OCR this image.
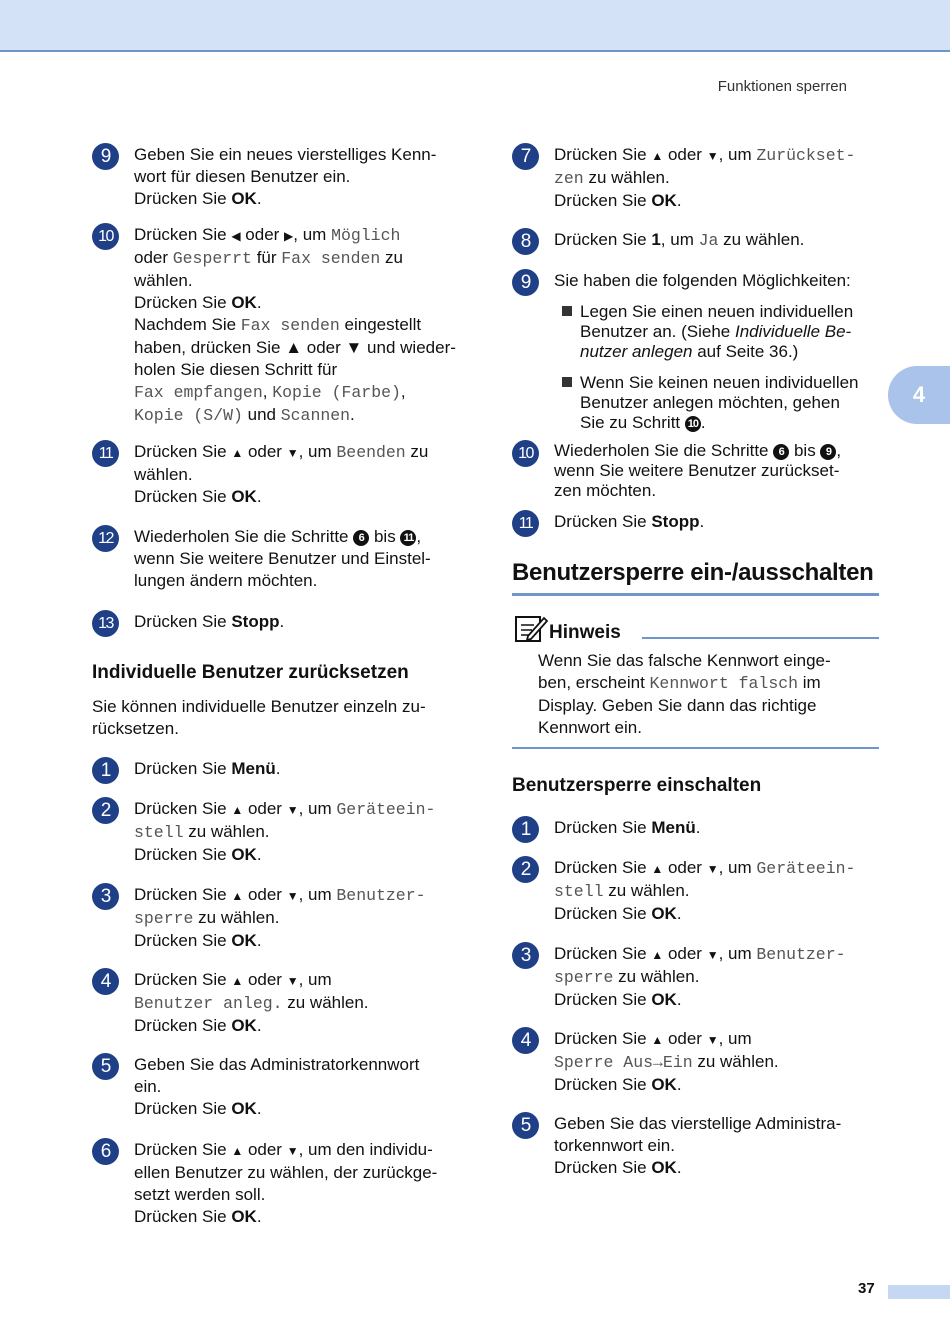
Funktionen sperren
4
9	Geben Sie ein neues vierstelliges Kenn-
wort für diesen Benutzer ein.
Drücken Sie OK.
10	Drücken Sie ◀ oder ▶, um Möglich
oder Gesperrt für Fax senden zu
wählen.
Drücken Sie OK.
Nachdem Sie Fax senden eingestellt
haben, drücken Sie ▲ oder ▼ und wieder-
holen Sie diesen Schritt für
Fax empfangen, Kopie (Farbe),
Kopie (S/W) und Scannen.
11	Drücken Sie ▲ oder ▼, um Beenden zu
wählen.
Drücken Sie OK.
12	Wiederholen Sie die Schritte 6 bis 11 ,
wenn Sie weitere Benutzer und Einstel-
lungen ändern möchten.
13	Drücken Sie Stopp.
Individuelle Benutzer zurücksetzen
Sie können individuelle Benutzer einzeln zu-
rücksetzen.
1	Drücken Sie Menü.
2	Drücken Sie ▲ oder ▼, um Geräteein-
stell zu wählen.
Drücken Sie OK.
3	Drücken Sie ▲ oder ▼, um Benutzer-
sperre zu wählen.
Drücken Sie OK.
4	Drücken Sie ▲ oder ▼, um
Benutzer anleg. zu wählen.
Drücken Sie OK.
5	Geben Sie das Administratorkennwort
ein.
Drücken Sie OK.
6	Drücken Sie ▲ oder ▼, um den individu-
ellen Benutzer zu wählen, der zurückge-
setzt werden soll.
Drücken Sie OK.
7	Drücken Sie ▲ oder ▼, um Zurückset-
zen zu wählen.
Drücken Sie OK.
8	Drücken Sie 1, um Ja zu wählen.
9	Sie haben die folgenden Möglichkeiten:
Legen Sie einen neuen individuellen
Benutzer an. (Siehe Individuelle Be-
nutzer anlegen auf Seite 36.)
Wenn Sie keinen neuen individuellen
Benutzer anlegen möchten, gehen
Sie zu Schritt 10 .
10	Wiederholen Sie die Schritte 6 bis 9 ,
wenn Sie weitere Benutzer zurückset-
zen möchten.
11	Drücken Sie Stopp.
Benutzersperre ein-/ausschalten
Hinweis
Wenn Sie das falsche Kennwort einge-
ben, erscheint Kennwort falsch im
Display. Geben Sie dann das richtige
Kennwort ein.
Benutzersperre einschalten
1	Drücken Sie Menü.
2	Drücken Sie ▲ oder ▼, um Geräteein-
stell zu wählen.
Drücken Sie OK.
3	Drücken Sie ▲ oder ▼, um Benutzer-
sperre zu wählen.
Drücken Sie OK.
4	Drücken Sie ▲ oder ▼, um
Sperre Aus→Ein zu wählen.
Drücken Sie OK.
5	Geben Sie das vierstellige Administra-
torkennwort ein.
Drücken Sie OK.
37
